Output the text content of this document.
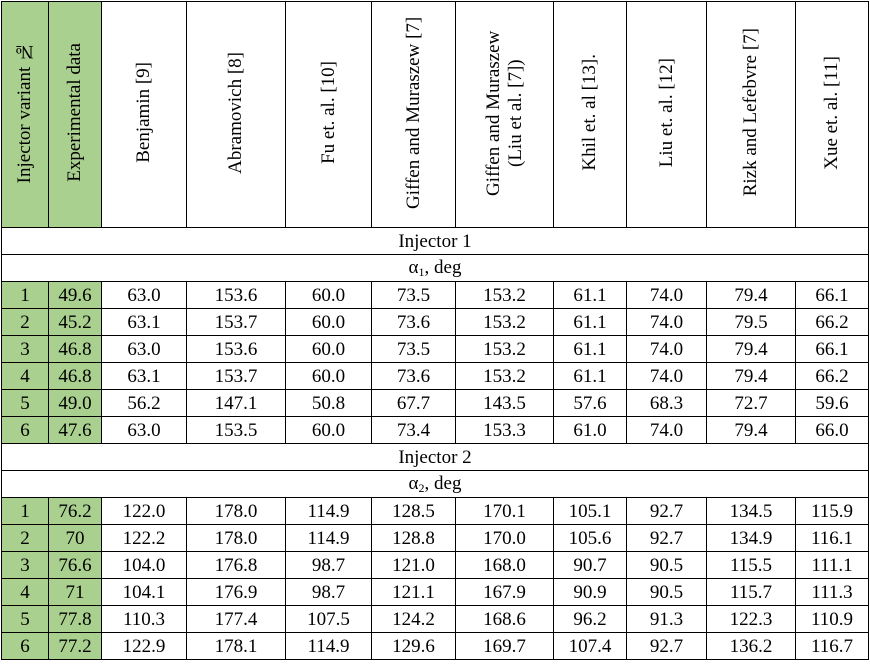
Injector variant №	Experimental data	Benjamin [9]	Abramovich [8]	Fu et. al. [10]	Giffen and Muraszew [7]	Giffen and Muraszew (Liu et al. [7])	Khil et. al [13].	Liu et. al. [12]	Rizk and Lefebvre [7]	Xue et. al. [11]
Injector 1										
$\alpha_1$, deg										
1	49.6	63.0	153.6	60.0	73.5	153.2	61.1	74.0	79.4	66.1
2	45.2	63.1	153.7	60.0	73.6	153.2	61.1	74.0	79.5	66.2
3	46.8	63.0	153.6	60.0	73.5	153.2	61.1	74.0	79.4	66.1
4	46.8	63.1	153.7	60.0	73.6	153.2	61.1	74.0	79.4	66.2
5	49.0	56.2	147.1	50.8	67.7	143.5	57.6	68.3	72.7	59.6
6	47.6	63.0	153.5	60.0	73.4	153.3	61.0	74.0	79.4	66.0
Injector 2										
$\alpha_2$, deg										
1	76.2	122.0	178.0	114.9	128.5	170.1	105.1	92.7	134.5	115.9
2	70	122.2	178.0	114.9	128.8	170.0	105.6	92.7	134.9	116.1
3	76.6	104.0	176.8	98.7	121.0	168.0	90.7	90.5	115.5	111.1
4	71	104.1	176.9	98.7	121.1	167.9	90.9	90.5	115.7	111.3
5	77.8	110.3	177.4	107.5	124.2	168.6	96.2	91.3	122.3	110.9
6	77.2	122.9	178.1	114.9	129.6	169.7	107.4	92.7	136.2	116.7
